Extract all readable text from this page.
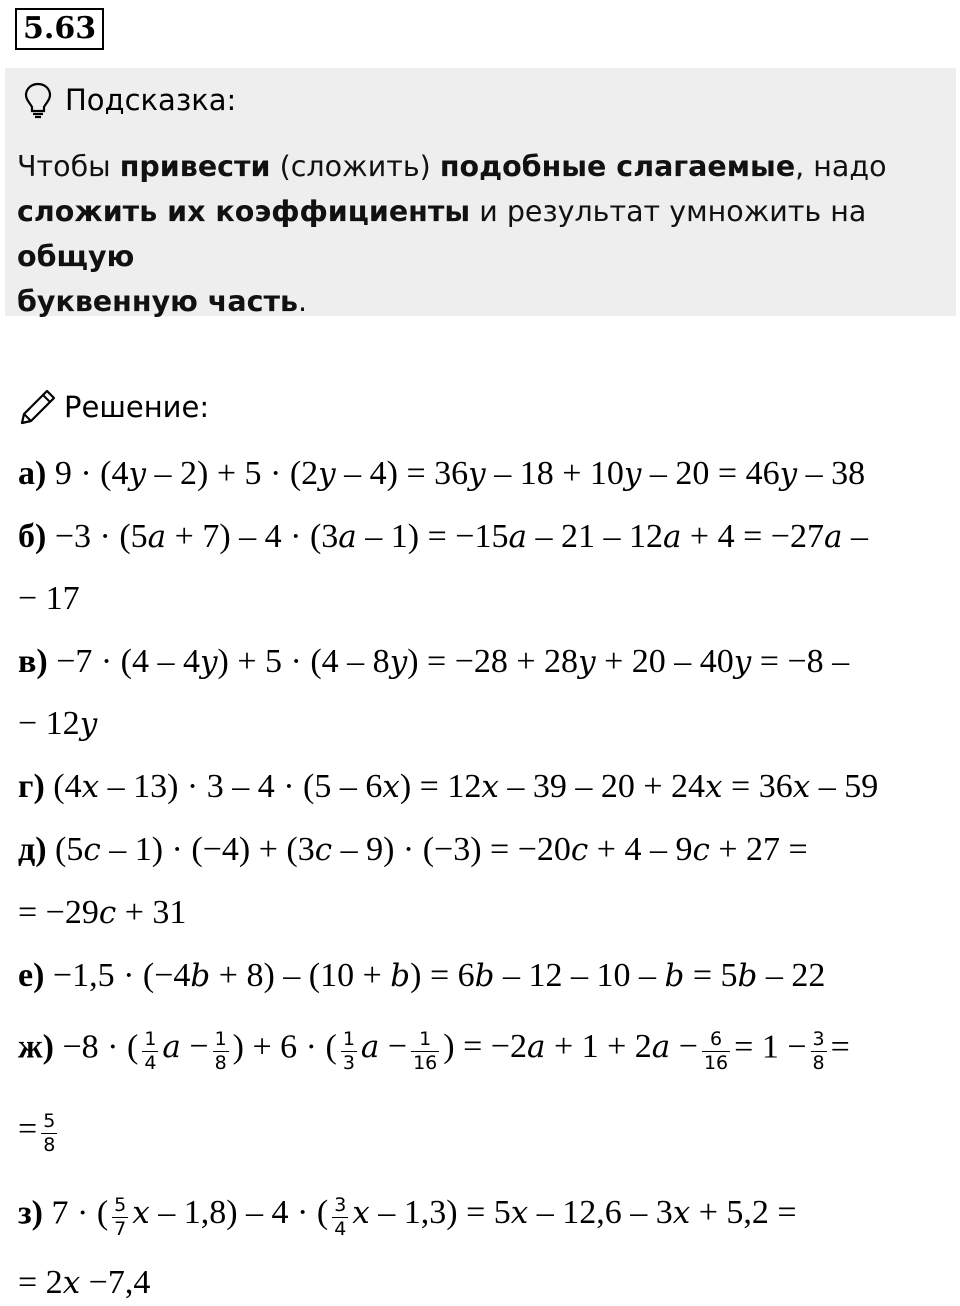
5.63
Подсказка:
Чтобы привести (сложить) подобные слагаемые, надо
сложить их коэффициенты и результат умножить на общую
буквенную часть.
Решение:
а) 9 · (4y – 2) + 5 · (2y – 4) = 36y – 18 + 10y – 20 = 46y – 38
б) −3 · (5a + 7) – 4 · (3a – 1) = −15a – 21 – 12a + 4 = −27a –
− 17
в) −7 · (4 – 4y) + 5 · (4 – 8y) = −28 + 28y + 20 – 40y = −8 –
− 12y
г) (4x – 13) · 3 – 4 · (5 – 6x) = 12x – 39 – 20 + 24x = 36x – 59
д) (5c – 1) · (−4) + (3c – 9) · (−3) = −20c + 4 – 9c + 27 =
= −29c + 31
е) −1,5 · (−4b + 8) – (10 + b) = 6b – 12 – 10 – b = 5b – 22
ж) −8 · ( $\frac{1}{4}$ $a - \frac{1}{8}$ ) + 6 · ( $\frac{1}{3}$ $a - \frac{1}{16}$ ) = $-2a + 1 + 2a - \frac{6}{16} = 1 - \frac{3}{8}$ =
= $\frac{5}{8}$
з) 7 · ( $\frac{5}{7}$ x – 1,8) – 4 · ( $\frac{3}{4}$ x – 1,3) = 5x – 12,6 – 3x + 5,2 =
= 2x −7,4
